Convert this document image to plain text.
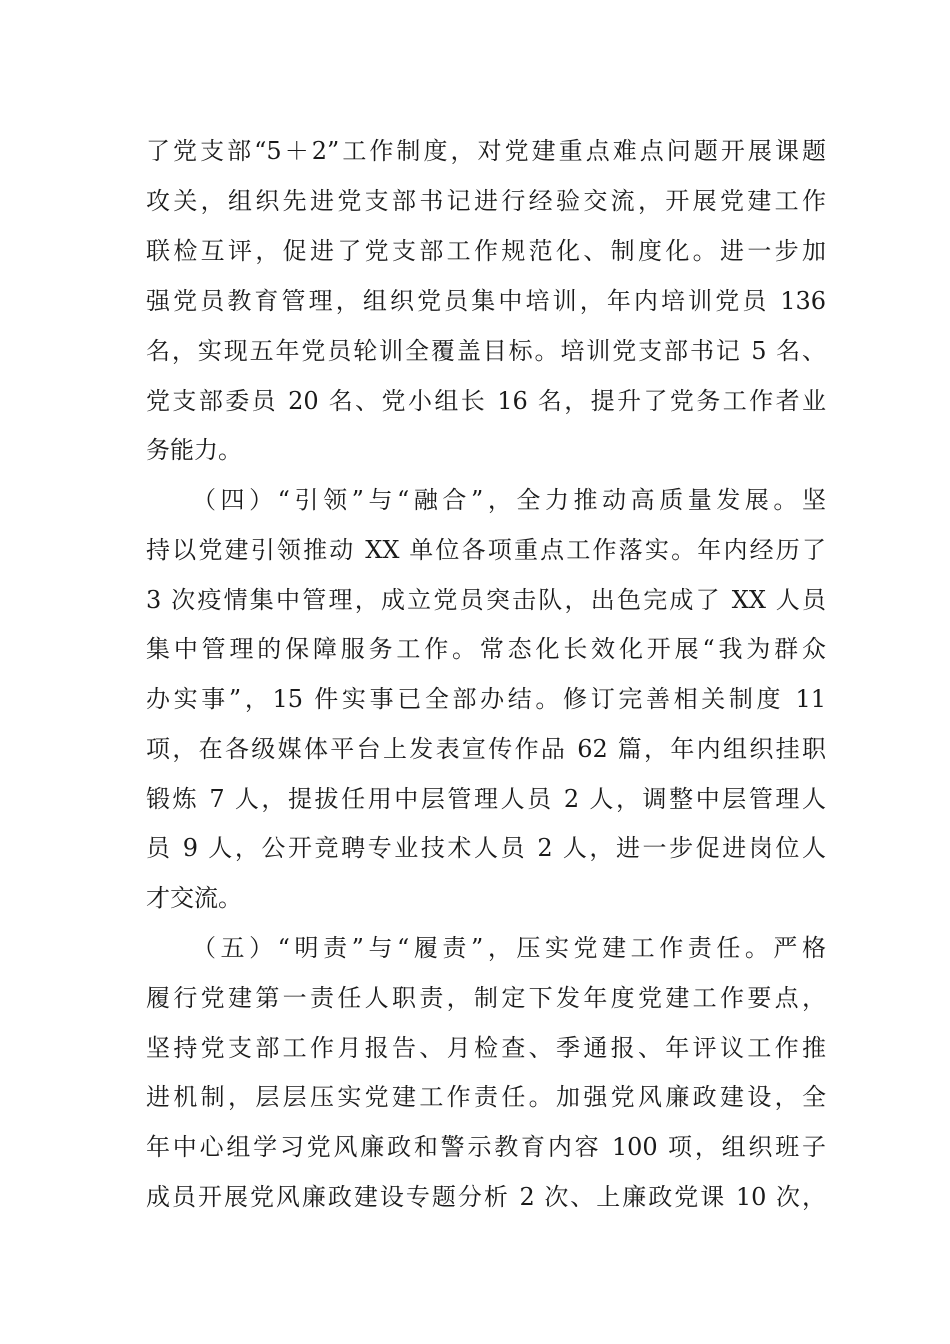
了党支部“5＋2”工作制度，对党建重点难点问题开展课题
攻关，组织先进党支部书记进行经验交流，开展党建工作
联检互评，促进了党支部工作规范化、制度化。进一步加
强党员教育管理，组织党员集中培训，年内培训党员 136
名，实现五年党员轮训全覆盖目标。培训党支部书记 5 名、
党支部委员 20 名、党小组长 16 名，提升了党务工作者业
务能力。
（四）“引领”与“融合”，全力推动高质量发展。坚
持以党建引领推动 XX 单位各项重点工作落实。年内经历了
3 次疫情集中管理，成立党员突击队，出色完成了 XX 人员
集中管理的保障服务工作。常态化长效化开展“我为群众
办实事”，15 件实事已全部办结。修订完善相关制度 11
项，在各级媒体平台上发表宣传作品 62 篇，年内组织挂职
锻炼 7 人，提拔任用中层管理人员 2 人，调整中层管理人
员 9 人，公开竞聘专业技术人员 2 人，进一步促进岗位人
才交流。
（五）“明责”与“履责”，压实党建工作责任。严格
履行党建第一责任人职责，制定下发年度党建工作要点，
坚持党支部工作月报告、月检查、季通报、年评议工作推
进机制，层层压实党建工作责任。加强党风廉政建设，全
年中心组学习党风廉政和警示教育内容 100 项，组织班子
成员开展党风廉政建设专题分析 2 次、上廉政党课 10 次，
